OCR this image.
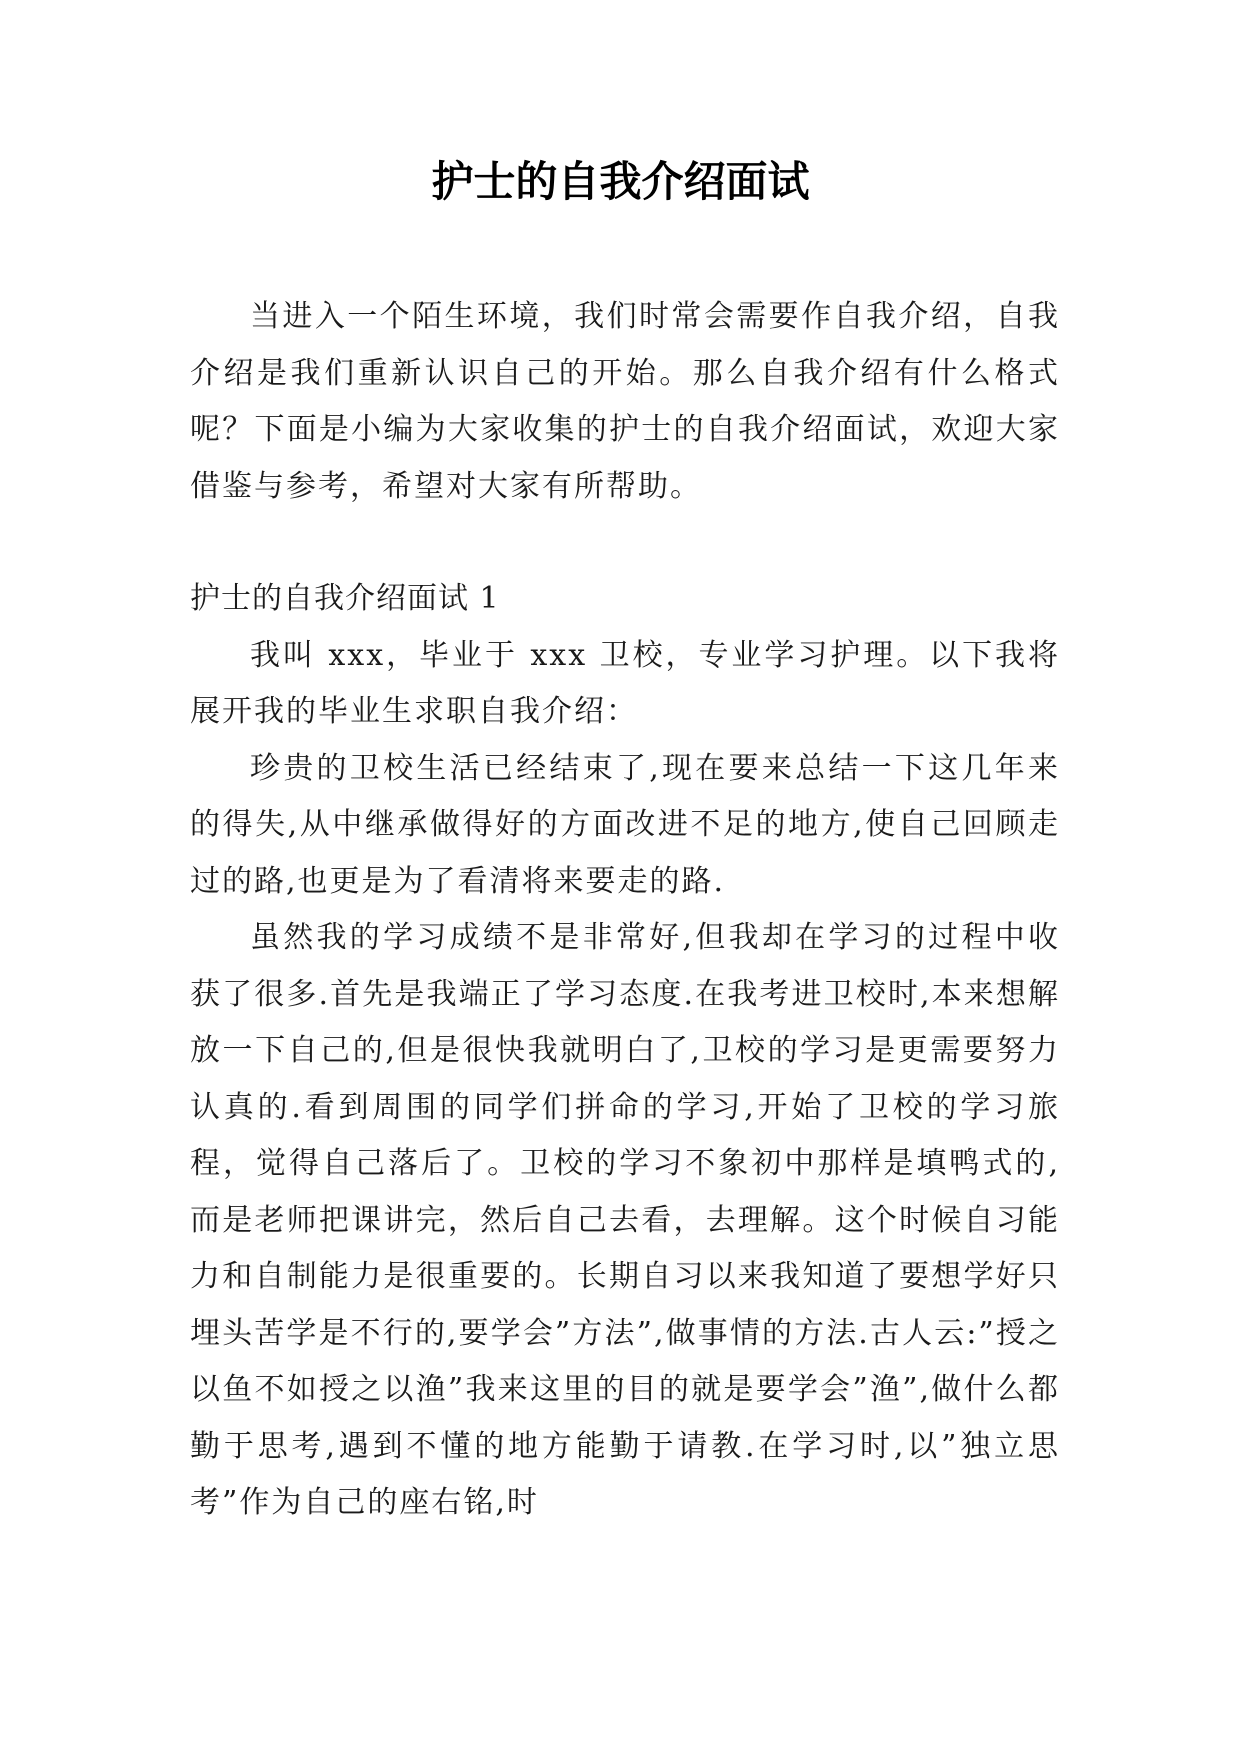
护士的自我介绍面试

当进入一个陌生环境，我们时常会需要作自我介绍，自我介绍是我们重新认识自己的开始。那么自我介绍有什么格式呢？下面是小编为大家收集的护士的自我介绍面试，欢迎大家借鉴与参考，希望对大家有所帮助。

护士的自我介绍面试 1

我叫 xxx，毕业于 xxx 卫校，专业学习护理。以下我将展开我的毕业生求职自我介绍：

珍贵的卫校生活已经结束了,现在要来总结一下这几年来的得失,从中继承做得好的方面改进不足的地方,使自己回顾走过的路,也更是为了看清将来要走的路.

虽然我的学习成绩不是非常好,但我却在学习的过程中收获了很多.首先是我端正了学习态度.在我考进卫校时,本来想解放一下自己的,但是很快我就明白了,卫校的学习是更需要努力认真的.看到周围的同学们拼命的学习,开始了卫校的学习旅程，觉得自己落后了。卫校的学习不象初中那样是填鸭式的,而是老师把课讲完，然后自己去看，去理解。这个时候自习能力和自制能力是很重要的。长期自习以来我知道了要想学好只埋头苦学是不行的,要学会”方法”,做事情的方法.古人云:”授之以鱼不如授之以渔”我来这里的目的就是要学会”渔”,做什么都勤于思考,遇到不懂的地方能勤于请教.在学习时,以”独立思考”作为自己的座右铭,时
